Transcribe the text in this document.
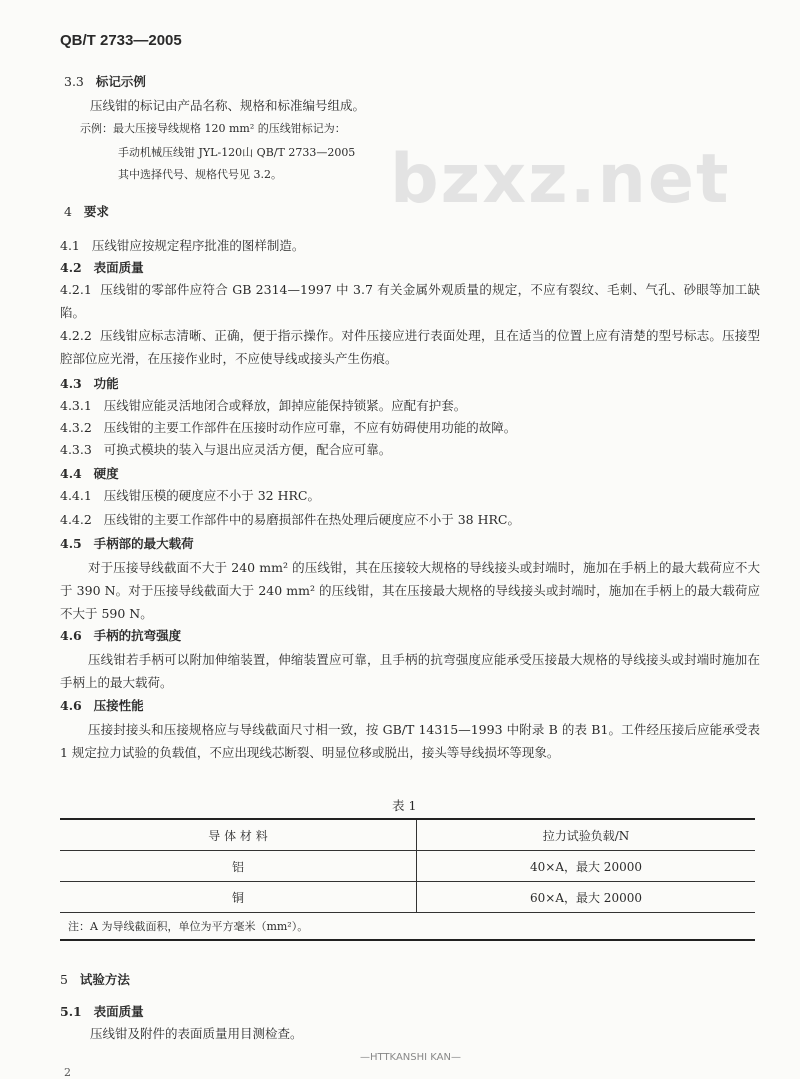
bzxz.net
QB/T 2733—2005
3.3 标记示例
压线钳的标记由产品名称、规格和标准编号组成。
示例：最大压接导线规格 120 mm² 的压线钳标记为：
手动机械压线钳 JYL-120山 QB/T 2733—2005
其中选择代号、规格代号见 3.2。
4 要求
4.1 压线钳应按规定程序批准的图样制造。
4.2 表面质量
4.2.1 压线钳的零部件应符合 GB 2314—1997 中 3.7 有关金属外观质量的规定，不应有裂纹、毛刺、气孔、砂眼等加工缺陷。
4.2.2 压线钳应标志清晰、正确，便于指示操作。对件压接应进行表面处理，且在适当的位置上应有清楚的型号标志。压接型腔部位应光滑，在压接作业时，不应使导线或接头产生伤痕。
4.3 功能
4.3.1 压线钳应能灵活地闭合或释放，卸掉应能保持锁紧。应配有护套。
4.3.2 压线钳的主要工作部件在压接时动作应可靠，不应有妨碍使用功能的故障。
4.3.3 可换式模块的装入与退出应灵活方便，配合应可靠。
4.4 硬度
4.4.1 压线钳压模的硬度应不小于 32 HRC。
4.4.2 压线钳的主要工作部件中的易磨损部件在热处理后硬度应不小于 38 HRC。
4.5 手柄部的最大载荷
对于压接导线截面不大于 240 mm² 的压线钳，其在压接较大规格的导线接头或封端时，施加在手柄上的最大载荷应不大于 390 N。对于压接导线截面大于 240 mm² 的压线钳，其在压接最大规格的导线接头或封端时，施加在手柄上的最大载荷应不大于 590 N。
4.6 手柄的抗弯强度
压线钳若手柄可以附加伸缩装置，伸缩装置应可靠，且手柄的抗弯强度应能承受压接最大规格的导线接头或封端时施加在手柄上的最大载荷。
4.6 压接性能
压接封接头和压接规格应与导线截面尺寸相一致，按 GB/T 14315—1993 中附录 B 的表 B1。工件经压接后应能承受表 1 规定拉力试验的负载值，不应出现线芯断裂、明显位移或脱出，接头等导线损坏等现象。
表 1
导 体 材 料	拉力试验负载/N
铝	40×A，最大 20000
铜	60×A，最大 20000
注：A 为导线截面积，单位为平方毫米（mm²）。	
5 试验方法
5.1 表面质量
压线钳及附件的表面质量用目测检查。
—HTTKANSHI KAN—
2
